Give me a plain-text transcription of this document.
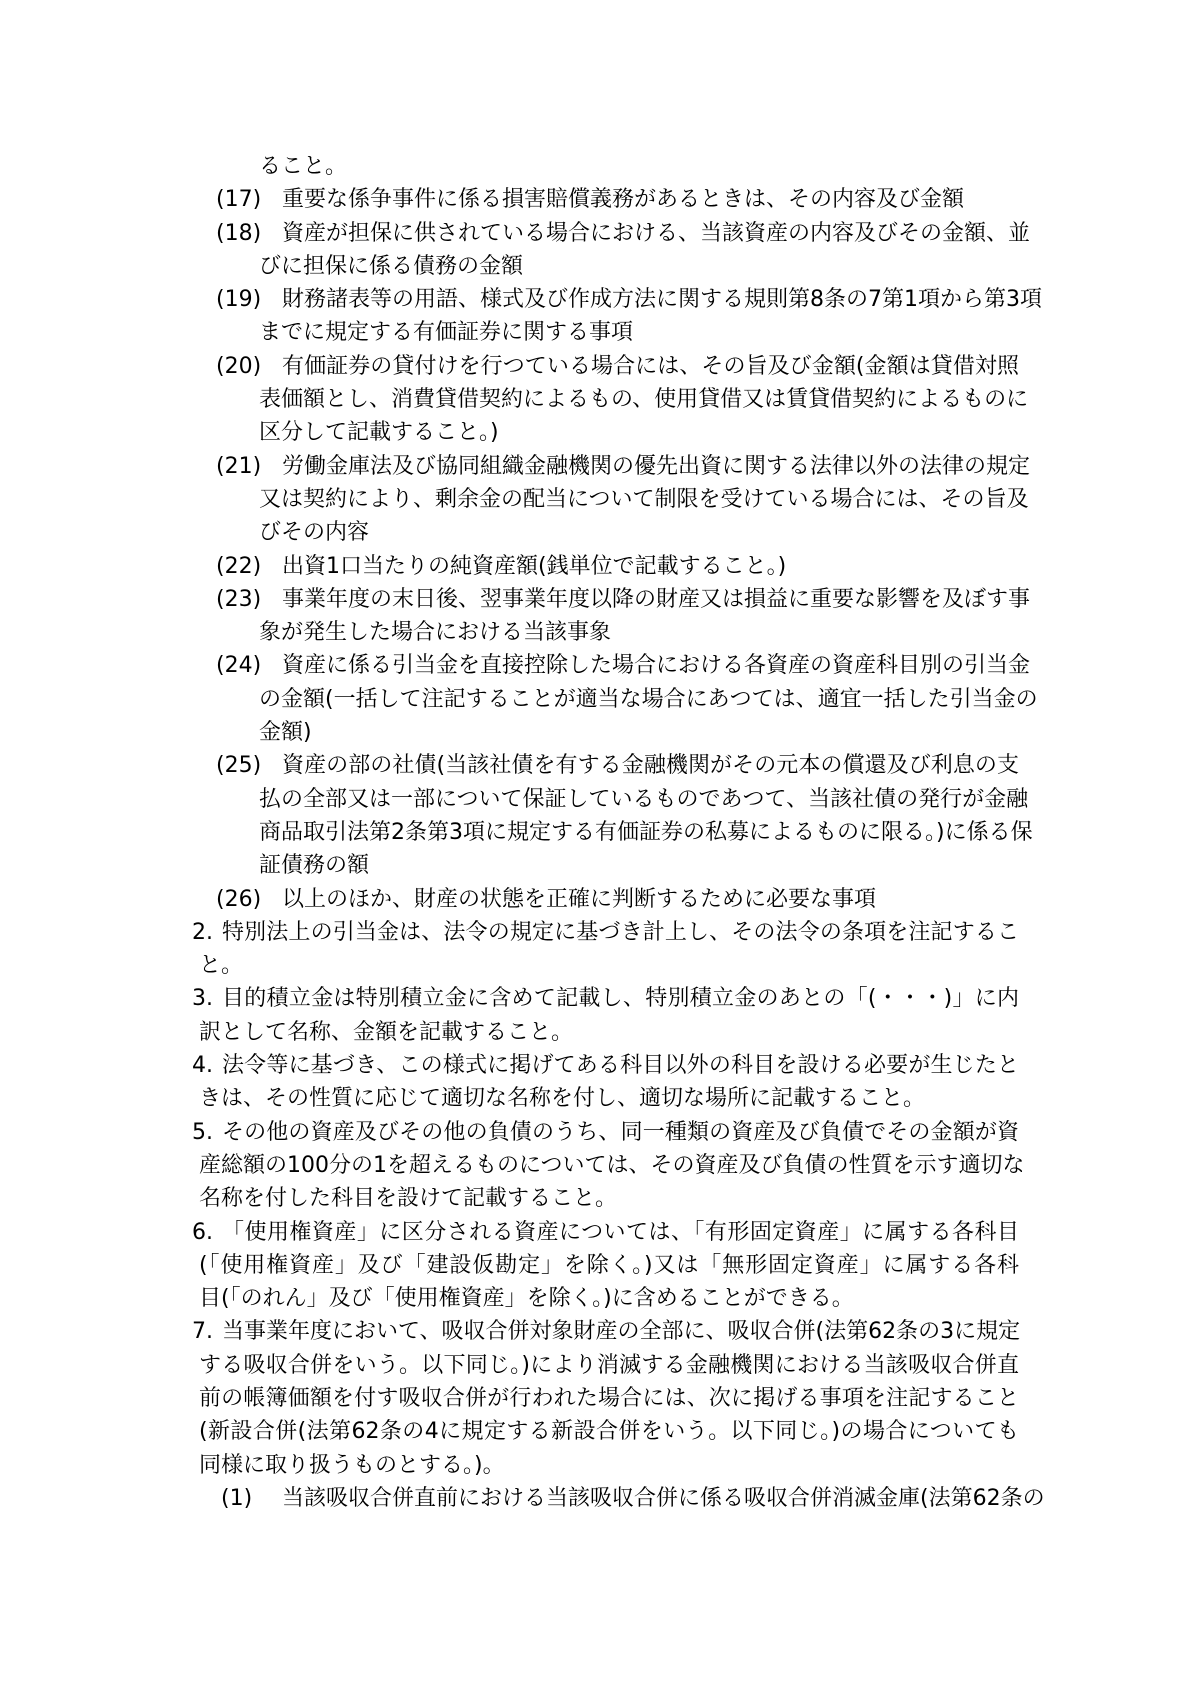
ること。
(17) 重要な係争事件に係る損害賠償義務があるときは、その内容及び金額
(18) 資産が担保に供されている場合における、当該資産の内容及びその金額、並
びに担保に係る債務の金額
(19) 財務諸表等の用語、様式及び作成方法に関する規則第8条の7第1項から第3項
までに規定する有価証券に関する事項
(20) 有価証券の貸付けを行つている場合には、その旨及び金額(金額は貸借対照
表価額とし、消費貸借契約によるもの、使用貸借又は賃貸借契約によるものに
区分して記載すること。)
(21) 労働金庫法及び協同組織金融機関の優先出資に関する法律以外の法律の規定
又は契約により、剰余金の配当について制限を受けている場合には、その旨及
びその内容
(22) 出資1口当たりの純資産額(銭単位で記載すること。)
(23) 事業年度の末日後、翌事業年度以降の財産又は損益に重要な影響を及ぼす事
象が発生した場合における当該事象
(24) 資産に係る引当金を直接控除した場合における各資産の資産科目別の引当金
の金額(一括して注記することが適当な場合にあつては、適宜一括した引当金の
金額)
(25) 資産の部の社債(当該社債を有する金融機関がその元本の償還及び利息の支
払の全部又は一部について保証しているものであつて、当該社債の発行が金融
商品取引法第2条第3項に規定する有価証券の私募によるものに限る。)に係る保
証債務の額
(26) 以上のほか、財産の状態を正確に判断するために必要な事項
2. 特別法上の引当金は、法令の規定に基づき計上し、その法令の条項を注記するこ
と。
3. 目的積立金は特別積立金に含めて記載し、特別積立金のあとの「(・・・)」に内
訳として名称、金額を記載すること。
4. 法令等に基づき、この様式に掲げてある科目以外の科目を設ける必要が生じたと
きは、その性質に応じて適切な名称を付し、適切な場所に記載すること。
5. その他の資産及びその他の負債のうち、同一種類の資産及び負債でその金額が資
産総額の100分の1を超えるものについては、その資産及び負債の性質を示す適切な
名称を付した科目を設けて記載すること。
6. 「使用権資産」に区分される資産については、「有形固定資産」に属する各科目
(「使用権資産」及び「建設仮勘定」を除く。)又は「無形固定資産」に属する各科
目(「のれん」及び「使用権資産」を除く。)に含めることができる。
7. 当事業年度において、吸収合併対象財産の全部に、吸収合併(法第62条の3に規定
する吸収合併をいう。以下同じ。)により消滅する金融機関における当該吸収合併直
前の帳簿価額を付す吸収合併が行われた場合には、次に掲げる事項を注記すること
(新設合併(法第62条の4に規定する新設合併をいう。以下同じ。)の場合についても
同様に取り扱うものとする。)。
(1) 当該吸収合併直前における当該吸収合併に係る吸収合併消滅金庫(法第62条の
